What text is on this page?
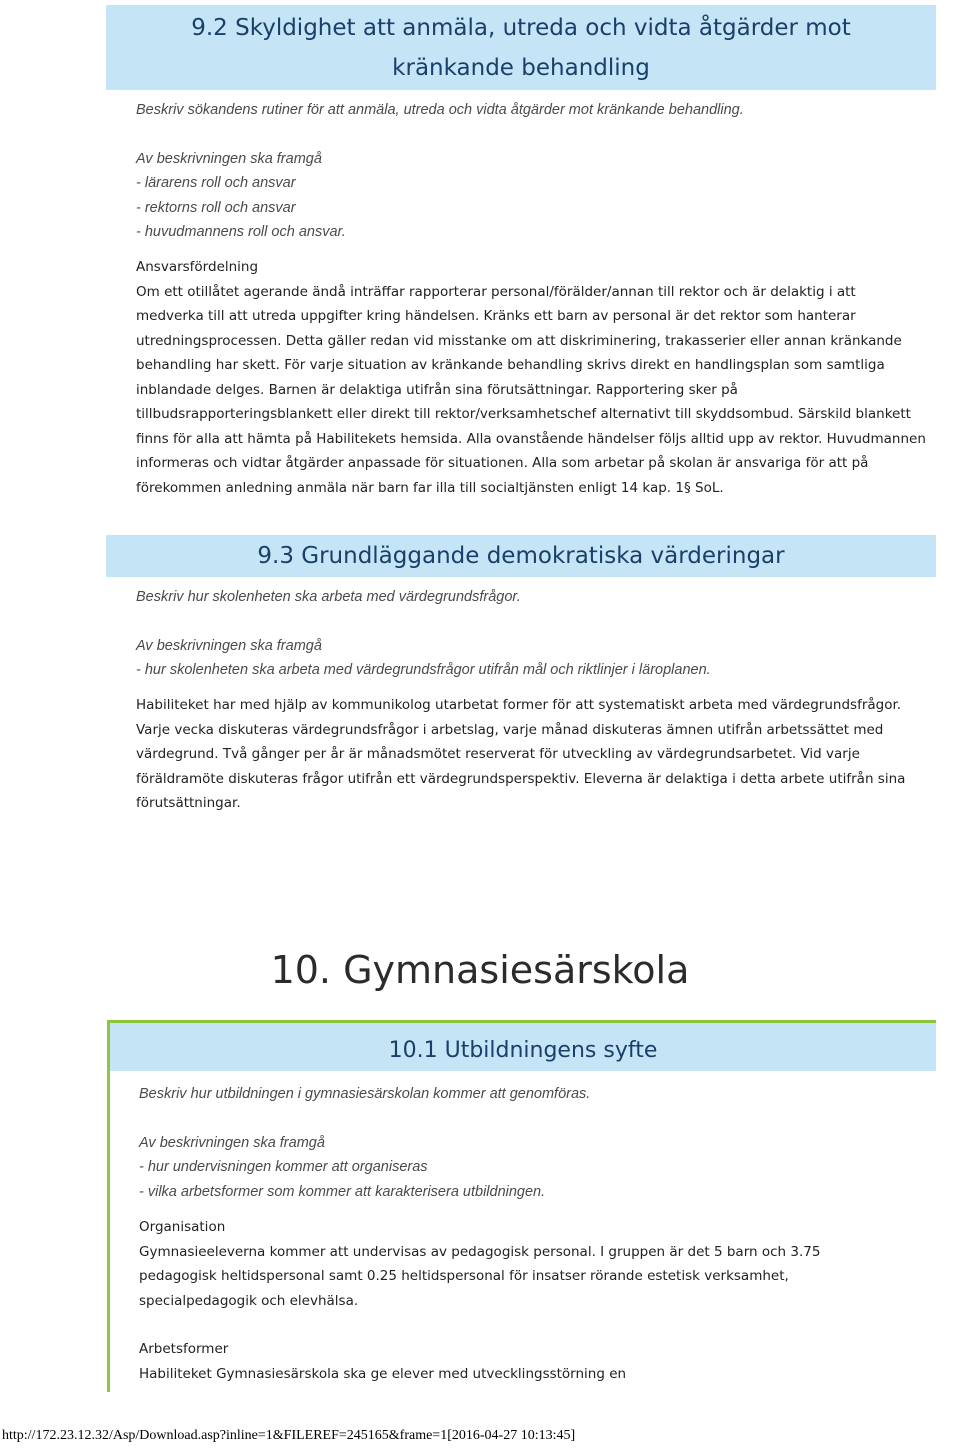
9.2 Skyldighet att anmäla, utreda och vidta åtgärder mot
kränkande behandling

Beskriv sökandens rutiner för att anmäla, utreda och vidta åtgärder mot kränkande behandling.

Av beskrivningen ska framgå

- lärarens roll och ansvar

- rektorns roll och ansvar

- huvudmannens roll och ansvar.

Ansvarsfördelning

Om ett otillåtet agerande ändå inträffar rapporterar personal/förälder/annan till rektor och är delaktig i att medverka till att utreda uppgifter kring händelsen. Kränks ett barn av personal är det rektor som hanterar utredningsprocessen. Detta gäller redan vid misstanke om att diskriminering, trakasserier eller annan kränkande behandling har skett. För varje situation av kränkande behandling skrivs direkt en handlingsplan som samtliga inblandade delges. Barnen är delaktiga utifrån sina förutsättningar. Rapportering sker på tillbudsrapporteringsblankett eller direkt till rektor/verksamhetschef alternativt till skyddsombud. Särskild blankett finns för alla att hämta på Habilitekets hemsida. Alla ovanstående händelser följs alltid upp av rektor. Huvudmannen informeras och vidtar åtgärder anpassade för situationen. Alla som arbetar på skolan är ansvariga för att på förekommen anledning anmäla när barn far illa till socialtjänsten enligt 14 kap. 1§ SoL.

9.3 Grundläggande demokratiska värderingar

Beskriv hur skolenheten ska arbeta med värdegrundsfrågor.

Av beskrivningen ska framgå

- hur skolenheten ska arbeta med värdegrundsfrågor utifrån mål och riktlinjer i läroplanen.

Habiliteket har med hjälp av kommunikolog utarbetat former för att systematiskt arbeta med värdegrundsfrågor. Varje vecka diskuteras värdegrundsfrågor i arbetslag, varje månad diskuteras ämnen utifrån arbetssättet med värdegrund. Två gånger per år är månadsmötet reserverat för utveckling av värdegrundsarbetet. Vid varje föräldramöte diskuteras frågor utifrån ett värdegrundsperspektiv. Eleverna är delaktiga i detta arbete utifrån sina förutsättningar.

10. Gymnasiesärskola
10.1 Utbildningens syfte

Beskriv hur utbildningen i gymnasiesärskolan kommer att genomföras.

Av beskrivningen ska framgå

- hur undervisningen kommer att organiseras

- vilka arbetsformer som kommer att karakterisera utbildningen.

Organisation

Gymnasieeleverna kommer att undervisas av pedagogisk personal. I gruppen är det 5 barn och 3.75 pedagogisk heltidspersonal samt 0.25 heltidspersonal för insatser rörande estetisk verksamhet, specialpedagogik och elevhälsa.

Arbetsformer

Habiliteket Gymnasiesärskola ska ge elever med utvecklingsstörning en

http://172.23.12.32/Asp/Download.asp?inline=1&FILEREF=245165&frame=1[2016-04-27 10:13:45]
